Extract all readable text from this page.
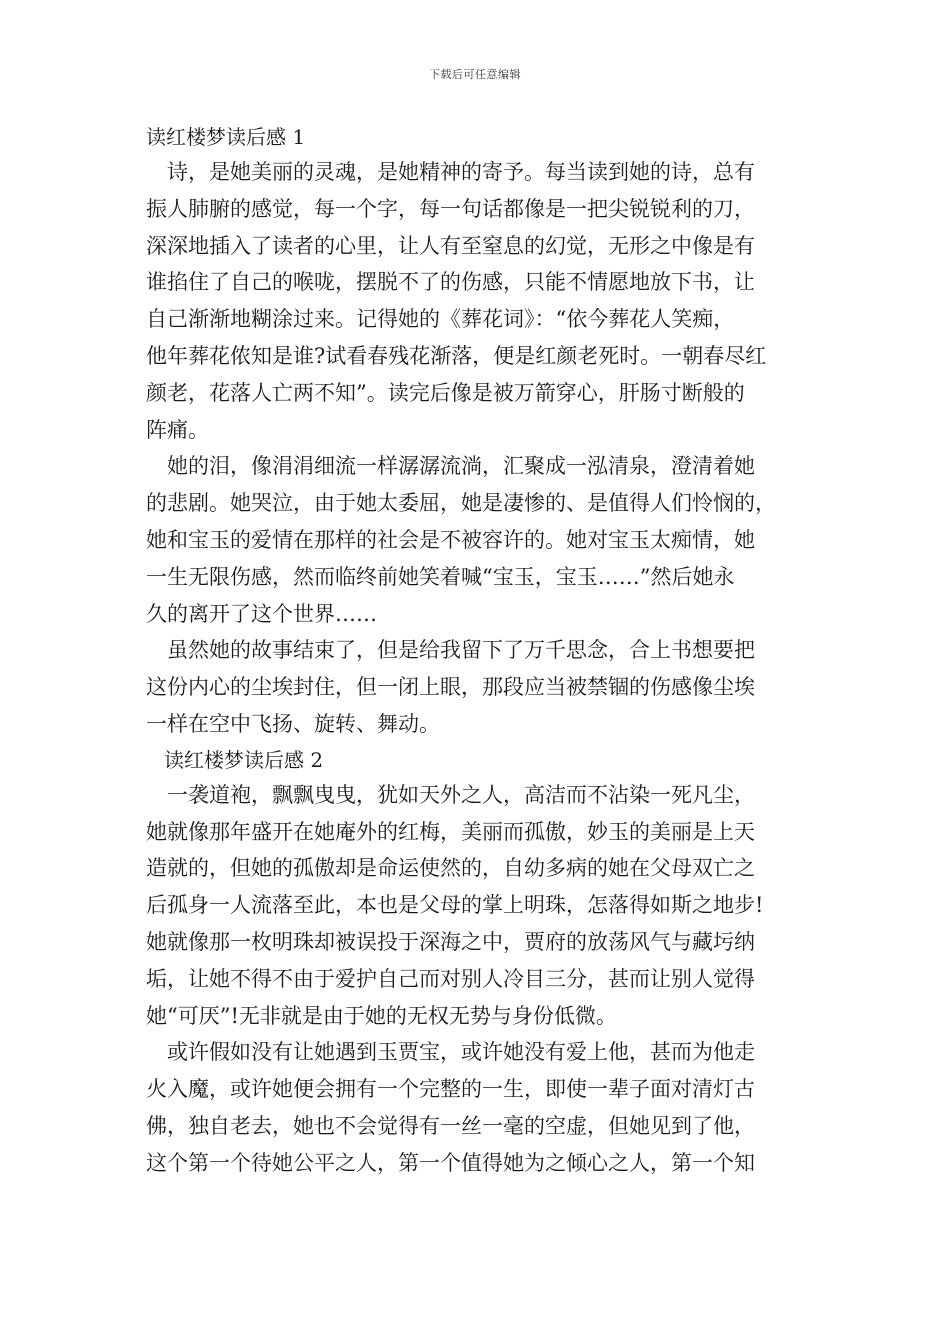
下载后可任意编辑
读红楼梦读后感 1
诗，是她美丽的灵魂，是她精神的寄予。每当读到她的诗，总有
振人肺腑的感觉，每一个字，每一句话都像是一把尖锐锐利的刀，
深深地插入了读者的心里，让人有至窒息的幻觉，无形之中像是有
谁掐住了自己的喉咙，摆脱不了的伤感，只能不情愿地放下书，让
自己渐渐地糊涂过来。记得她的《葬花词》：“依今葬花人笑痴，
他年葬花侬知是谁?试看春残花渐落，便是红颜老死时。一朝春尽红
颜老，花落人亡两不知”。读完后像是被万箭穿心，肝肠寸断般的
阵痛。
她的泪，像涓涓细流一样潺潺流淌，汇聚成一泓清泉，澄清着她
的悲剧。她哭泣，由于她太委屈，她是凄惨的、是值得人们怜悯的，
她和宝玉的爱情在那样的社会是不被容许的。她对宝玉太痴情，她
一生无限伤感，然而临终前她笑着喊“宝玉，宝玉……”然后她永
久的离开了这个世界……
虽然她的故事结束了，但是给我留下了万千思念，合上书想要把
这份内心的尘埃封住，但一闭上眼，那段应当被禁锢的伤感像尘埃
一样在空中飞扬、旋转、舞动。
读红楼梦读后感 2
一袭道袍，飘飘曳曳，犹如天外之人，高洁而不沾染一死凡尘，
她就像那年盛开在她庵外的红梅，美丽而孤傲，妙玉的美丽是上天
造就的，但她的孤傲却是命运使然的，自幼多病的她在父母双亡之
后孤身一人流落至此，本也是父母的掌上明珠，怎落得如斯之地步!
她就像那一枚明珠却被误投于深海之中，贾府的放荡风气与藏圬纳
垢，让她不得不由于爱护自己而对别人冷目三分，甚而让别人觉得
她“可厌”!无非就是由于她的无权无势与身份低微。
或许假如没有让她遇到玉贾宝，或许她没有爱上他，甚而为他走
火入魔，或许她便会拥有一个完整的一生，即使一辈子面对清灯古
佛，独自老去，她也不会觉得有一丝一毫的空虚，但她见到了他，
这个第一个待她公平之人，第一个值得她为之倾心之人，第一个知
